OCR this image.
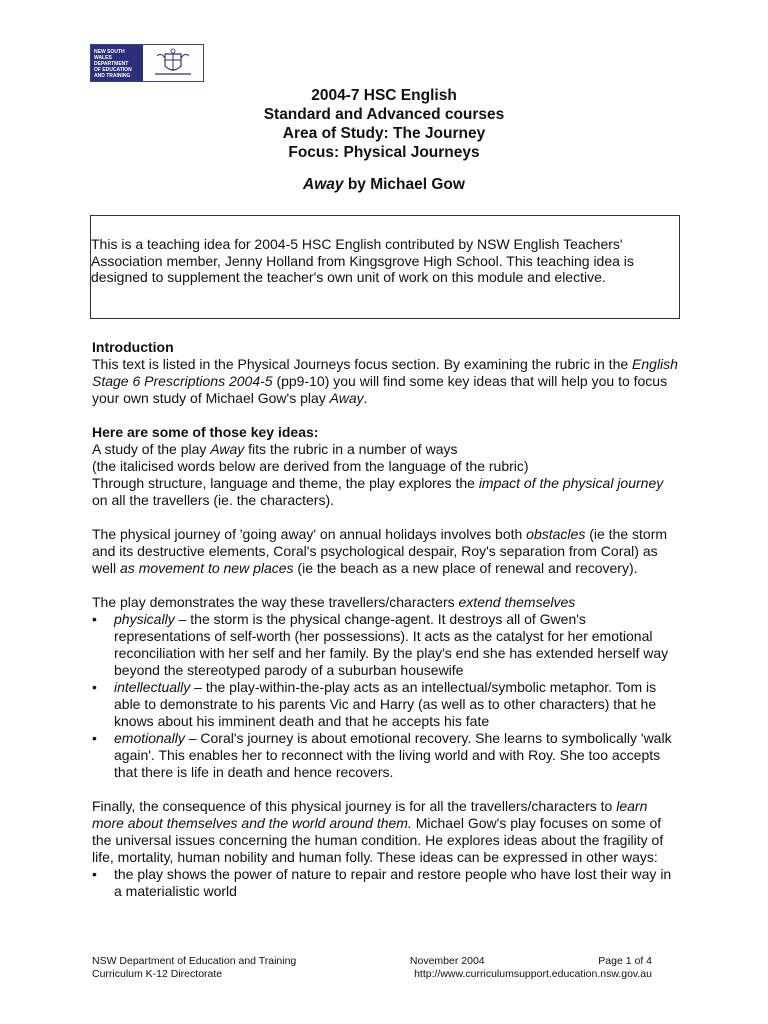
NEW SOUTH WALES
DEPARTMENT
OF EDUCATION
AND TRAINING
2004-7 HSC English
Standard and Advanced courses
Area of Study: The Journey
Focus: Physical Journeys
Away by Michael Gow

This is a teaching idea for 2004-5 HSC English contributed by NSW English Teachers' Association member, Jenny Holland from Kingsgrove High School. This teaching idea is designed to supplement the teacher's own unit of work on this module and elective.

Introduction

This text is listed in the Physical Journeys focus section. By examining the rubric in the English Stage 6 Prescriptions 2004-5 (pp9-10) you will find some key ideas that will help you to focus your own study of Michael Gow's play Away.

Here are some of those key ideas:

A study of the play Away fits the rubric in a number of ways

(the italicised words below are derived from the language of the rubric)

Through structure, language and theme, the play explores the impact of the physical journey on all the travellers (ie. the characters).

The physical journey of 'going away' on annual holidays involves both obstacles (ie the storm and its destructive elements, Coral's psychological despair, Roy's separation from Coral) as well as movement to new places (ie the beach as a new place of renewal and recovery).

The play demonstrates the way these travellers/characters extend themselves

• physically – the storm is the physical change-agent. It destroys all of Gwen's representations of self-worth (her possessions). It acts as the catalyst for her emotional reconciliation with her self and her family. By the play's end she has extended herself way beyond the stereotyped parody of a suburban housewife
• intellectually – the play-within-the-play acts as an intellectual/symbolic metaphor. Tom is able to demonstrate to his parents Vic and Harry (as well as to other characters) that he knows about his imminent death and that he accepts his fate
• emotionally – Coral's journey is about emotional recovery. She learns to symbolically 'walk again'. This enables her to reconnect with the living world and with Roy. She too accepts that there is life in death and hence recovers.

Finally, the consequence of this physical journey is for all the travellers/characters to learn more about themselves and the world around them. Michael Gow's play focuses on some of the universal issues concerning the human condition. He explores ideas about the fragility of life, mortality, human nobility and human folly. These ideas can be expressed in other ways:

• the play shows the power of nature to repair and restore people who have lost their way in a materialistic world
NSW Department of Education and Training	November 2004	Page 1 of 4
Curriculum K-12 Directorate	http://www.curriculumsupport.education.nsw.gov.au
